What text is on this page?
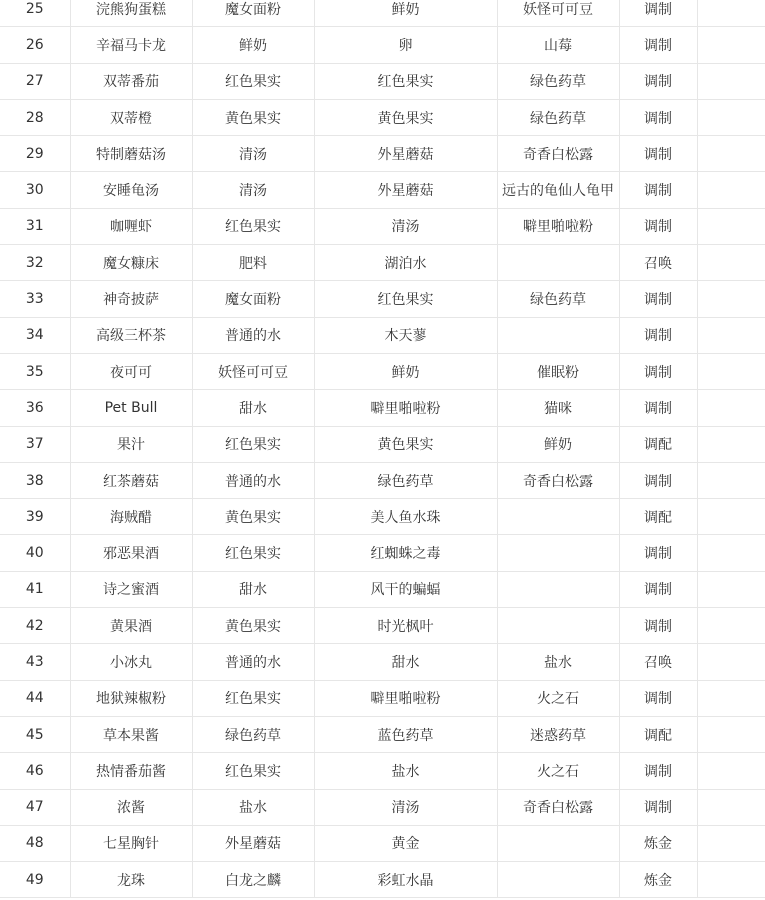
25	浣熊狗蛋糕	魔女面粉	鲜奶	妖怪可可豆	调制	
26	辛福马卡龙	鲜奶	卵	山莓	调制	
27	双蒂番茄	红色果实	红色果实	绿色药草	调制	
28	双蒂橙	黄色果实	黄色果实	绿色药草	调制	
29	特制蘑菇汤	清汤	外星蘑菇	奇香白松露	调制	
30	安睡龟汤	清汤	外星蘑菇	远古的龟仙人龟甲	调制	
31	咖喱虾	红色果实	清汤	噼里啪啦粉	调制	
32	魔女糠床	肥料	湖泊水		召唤	
33	神奇披萨	魔女面粉	红色果实	绿色药草	调制	
34	高级三杯茶	普通的水	木天蓼		调制	
35	夜可可	妖怪可可豆	鲜奶	催眠粉	调制	
36	Pet Bull	甜水	噼里啪啦粉	猫咪	调制	
37	果汁	红色果实	黄色果实	鲜奶	调配	
38	红茶蘑菇	普通的水	绿色药草	奇香白松露	调制	
39	海贼醋	黄色果实	美人鱼水珠		调配	
40	邪恶果酒	红色果实	红蜘蛛之毒		调制	
41	诗之蜜酒	甜水	风干的蝙蝠		调制	
42	黄果酒	黄色果实	时光枫叶		调制	
43	小冰丸	普通的水	甜水	盐水	召唤	
44	地狱辣椒粉	红色果实	噼里啪啦粉	火之石	调制	
45	草本果酱	绿色药草	蓝色药草	迷惑药草	调配	
46	热情番茄酱	红色果实	盐水	火之石	调制	
47	浓酱	盐水	清汤	奇香白松露	调制	
48	七星胸针	外星蘑菇	黄金		炼金	
49	龙珠	白龙之麟	彩虹水晶		炼金	
